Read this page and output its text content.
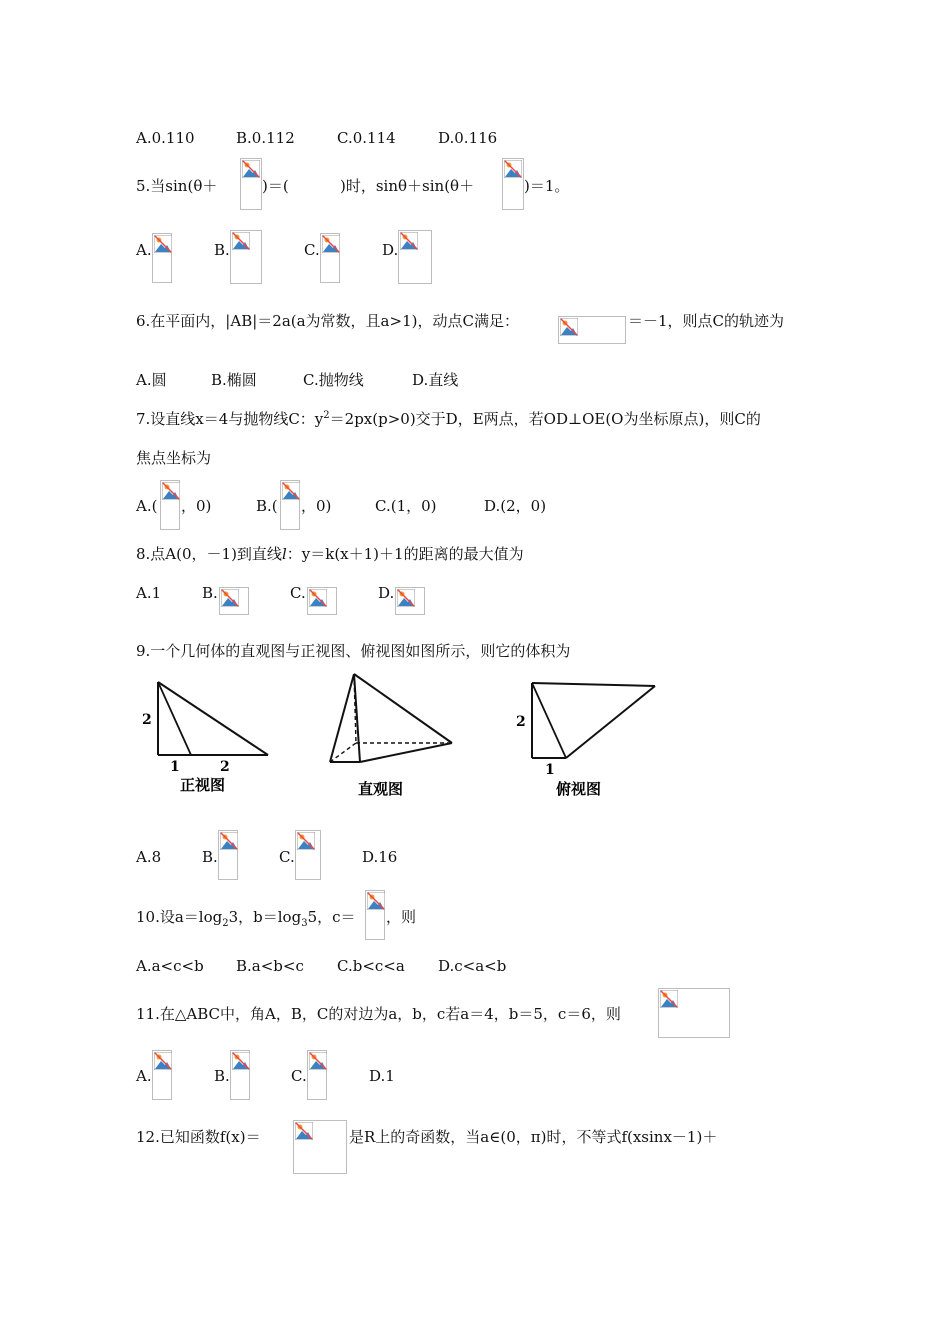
A.0.110	B.0.112	C.0.114	D.0.116
5.当sin(θ＋	)＝(	)时，sinθ＋sin(θ＋	)＝1。
A.	B.	C.	D.
6.在平面内，|AB|＝2a(a为常数，且a>1)，动点C满足：	＝－1，则点C的轨迹为
A.圆	B.椭圆	C.抛物线	D.直线
7.设直线x＝4与抛物线C：$y^2=2px(p>0)$交于D，E两点，若OD⊥OE(O为坐标原点)，则C的
焦点坐标为
A.( ，0)	B.( ，0)	C.(1，0)	D.(2，0)
8.点A(0，－1)到直线l：y＝k(x＋1)＋1的距离的最大值为
A.1	B.	C.	D.
9.一个几何体的直观图与正视图、俯视图如图所示，则它的体积为
2
1	2
正视图	直观图
2
1
俯视图
A.8	B.	C.	D.16
10.设$a=\log_23$，$b=\log_35$，c＝ ，则
A.a<c<b B.a<b<c C.b<c<a D.c<a<b
11.在△ABC中，角A，B，C的对边为a，b，c若a＝4，b＝5，c＝6，则
A.	B.	C.	D.1
12.已知函数f(x)＝	是R上的奇函数，当a∈(0，π)时，不等式f(xsinx－1)＋
